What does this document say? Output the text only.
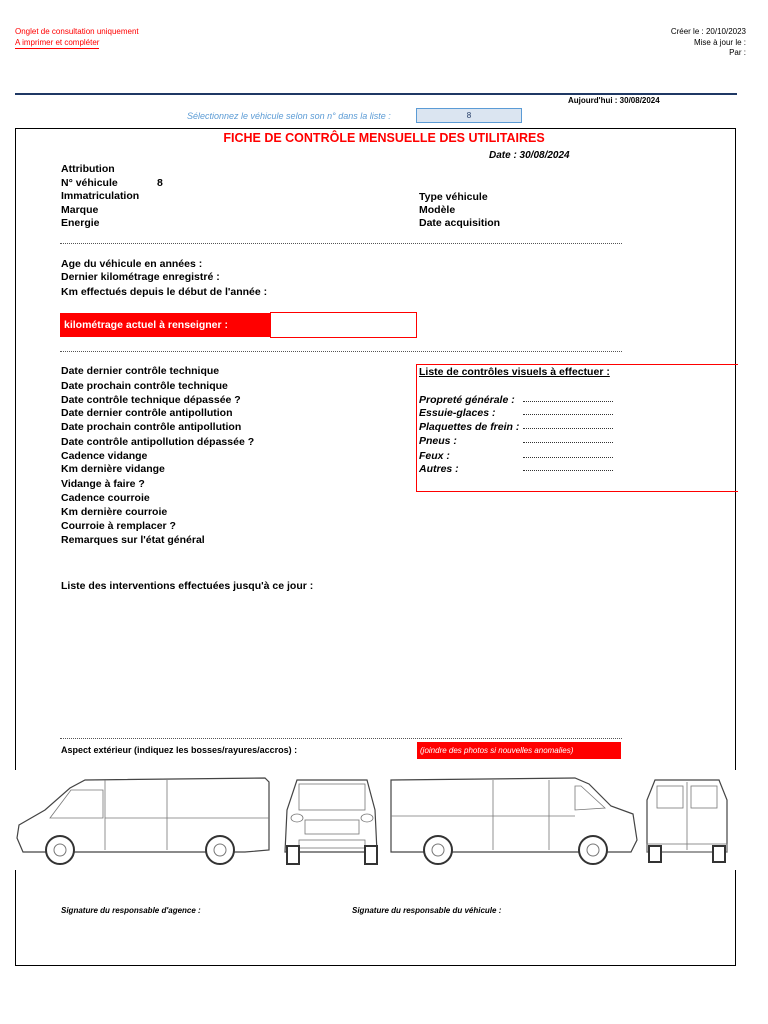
Onglet de consultation uniquement
A imprimer et compléter
Créer le : 20/10/2023
Mise à jour le :
Par :
Aujourd'hui : 30/08/2024
Sélectionnez le véhicule selon son n° dans la liste :	8
FICHE DE CONTRÔLE MENSUELLE DES UTILITAIRES
Date : 30/08/2024
Attribution
N° véhicule	8
Immatriculation
Marque
Energie
Type véhicule
Modèle
Date acquisition
Age du véhicule en années :
Dernier kilométrage enregistré :
Km effectués depuis le début de l'année :
kilométrage actuel à renseigner :
Date dernier contrôle technique
Date prochain contrôle technique
Date contrôle technique dépassée ?
Date dernier contrôle antipollution
Date prochain contrôle antipollution
Date contrôle antipollution dépassée ?
Cadence vidange
Km dernière vidange
Vidange à faire ?
Cadence courroie
Km dernière courroie
Courroie à remplacer ?
Remarques sur l'état général
Liste de contrôles visuels à effectuer :
Propreté générale :
Essuie-glaces :
Plaquettes de frein :
Pneus :
Feux :
Autres :
Liste des interventions effectuées jusqu'à ce jour :
Aspect extérieur (indiquez les bosses/rayures/accros) :	(joindre des photos si nouvelles anomalies)
Signature du responsable d'agence :	Signature du responsable du véhicule :
